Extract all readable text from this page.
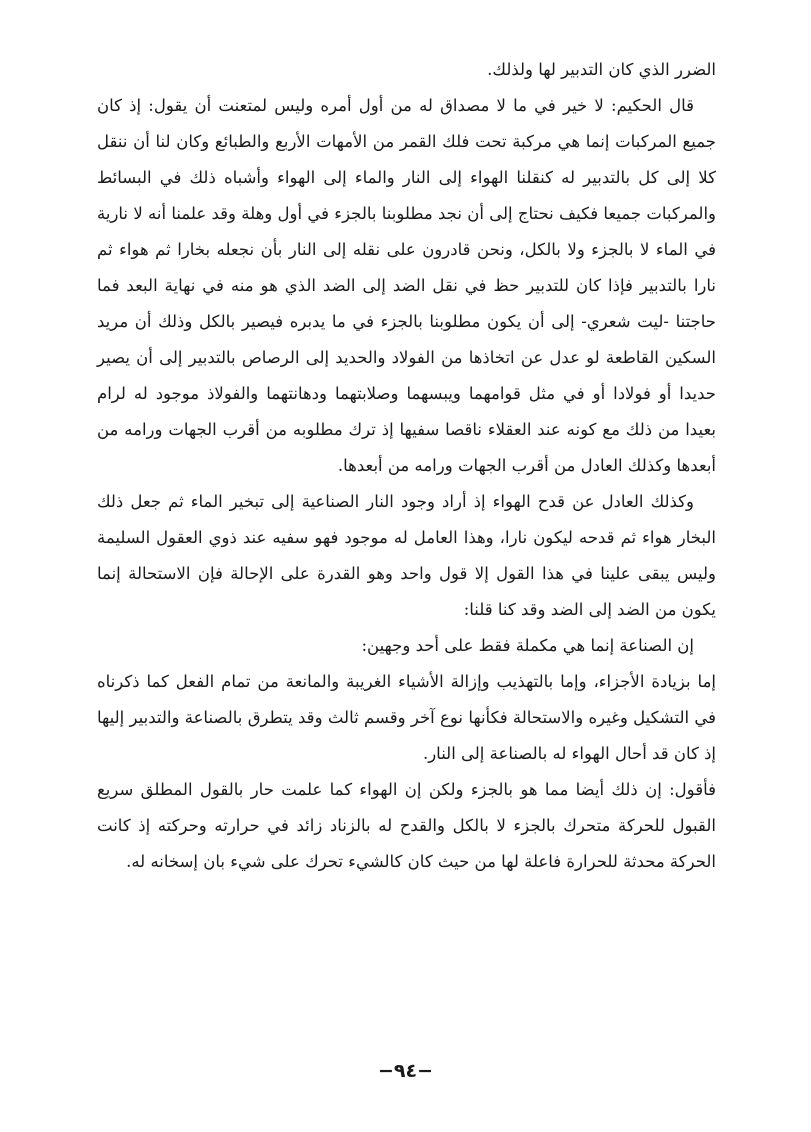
الضرر الذي كان التدبير لها ولذلك.

قال الحكيم: لا خير في ما لا مصداق له من أول أمره وليس لمتعنت أن يقول: إذ كان جميع المركبات إنما هي مركبة تحت فلك القمر من الأمهات الأربع والطبائع وكان لنا أن ننقل كلا إلى كل بالتدبير له كنقلنا الهواء إلى النار والماء إلى الهواء وأشباه ذلك في البسائط والمركبات جميعا فكيف نحتاج إلى أن نجد مطلوبنا بالجزء في أول وهلة وقد علمنا أنه لا نارية في الماء لا بالجزء ولا بالكل، ونحن قادرون على نقله إلى النار بأن نجعله بخارا ثم هواء ثم نارا بالتدبير فإذا كان للتدبير حظ في نقل الضد إلى الضد الذي هو منه في نهاية البعد فما حاجتنا -ليت شعري- إلى أن يكون مطلوبنا بالجزء في ما يدبره فيصير بالكل وذلك أن مريد السكين القاطعة لو عدل عن اتخاذها من الفولاد والحديد إلى الرصاص بالتدبير إلى أن يصير حديدا أو فولادا أو في مثل قوامهما ويبسهما وصلابتهما ودهانتهما والفولاذ موجود له لرام بعيدا من ذلك مع كونه عند العقلاء ناقصا سفيها إذ ترك مطلوبه من أقرب الجهات ورامه من أبعدها وكذلك العادل من أقرب الجهات ورامه من أبعدها.

وكذلك العادل عن قدح الهواء إذ أراد وجود النار الصناعية إلى تبخير الماء ثم جعل ذلك البخار هواء ثم قدحه ليكون نارا، وهذا العامل له موجود فهو سفيه عند ذوي العقول السليمة وليس يبقى علينا في هذا القول إلا قول واحد وهو القدرة على الإحالة فإن الاستحالة إنما يكون من الضد إلى الضد وقد كنا قلنا:

إن الصناعة إنما هي مكملة فقط على أحد وجهين:

إما بزيادة الأجزاء، وإما بالتهذيب وإزالة الأشياء الغريبة والمانعة من تمام الفعل كما ذكرناه في التشكيل وغيره والاستحالة فكأنها نوع آخر وقسم ثالث وقد يتطرق بالصناعة والتدبير إليها إذ كان قد أحال الهواء له بالصناعة إلى النار.

فأقول: إن ذلك أيضا مما هو بالجزء ولكن إن الهواء كما علمت حار بالقول المطلق سريع القبول للحركة متحرك بالجزء لا بالكل والقدح له بالزناد زائد في حرارته وحركته إذ كانت الحركة محدثة للحرارة فاعلة لها من حيث كان كالشيء تحرك على شيء بان إسخانه له.

−٩٤−
